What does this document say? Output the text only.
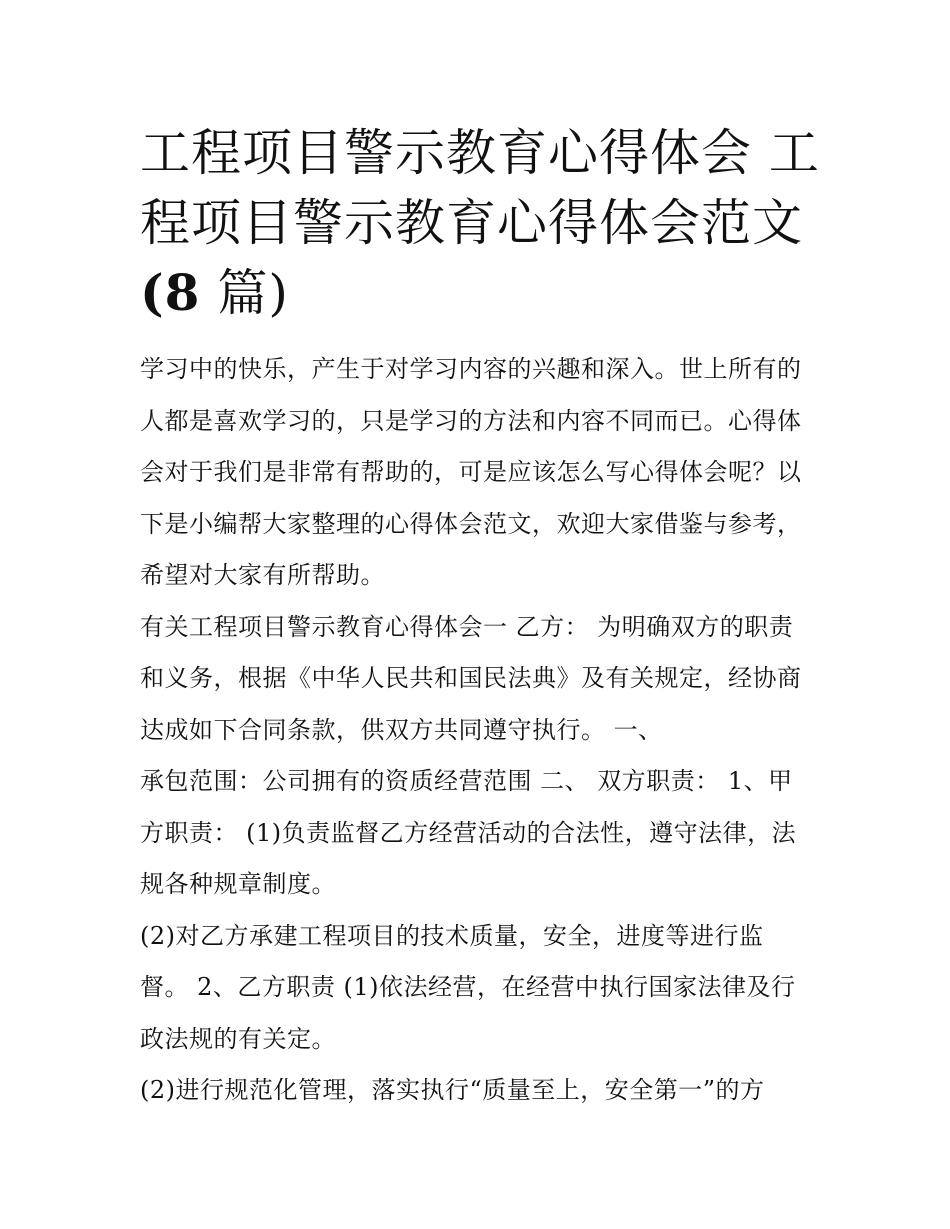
工程项目警示教育心得体会 工
程项目警示教育心得体会范文
(8 篇)
学习中的快乐，产生于对学习内容的兴趣和深入。世上所有的
人都是喜欢学习的，只是学习的方法和内容不同而已。心得体
会对于我们是非常有帮助的，可是应该怎么写心得体会呢？以
下是小编帮大家整理的心得体会范文，欢迎大家借鉴与参考，
希望对大家有所帮助。
有关工程项目警示教育心得体会一 乙方： 为明确双方的职责
和义务，根据《中华人民共和国民法典》及有关规定，经协商
达成如下合同条款，供双方共同遵守执行。 一、
承包范围：公司拥有的资质经营范围 二、 双方职责： 1、甲
方职责： (1)负责监督乙方经营活动的合法性，遵守法律，法
规各种规章制度。
(2)对乙方承建工程项目的技术质量，安全，进度等进行监
督。 2、乙方职责 (1)依法经营，在经营中执行国家法律及行
政法规的有关定。
(2)进行规范化管理，落实执行“质量至上，安全第一”的方
